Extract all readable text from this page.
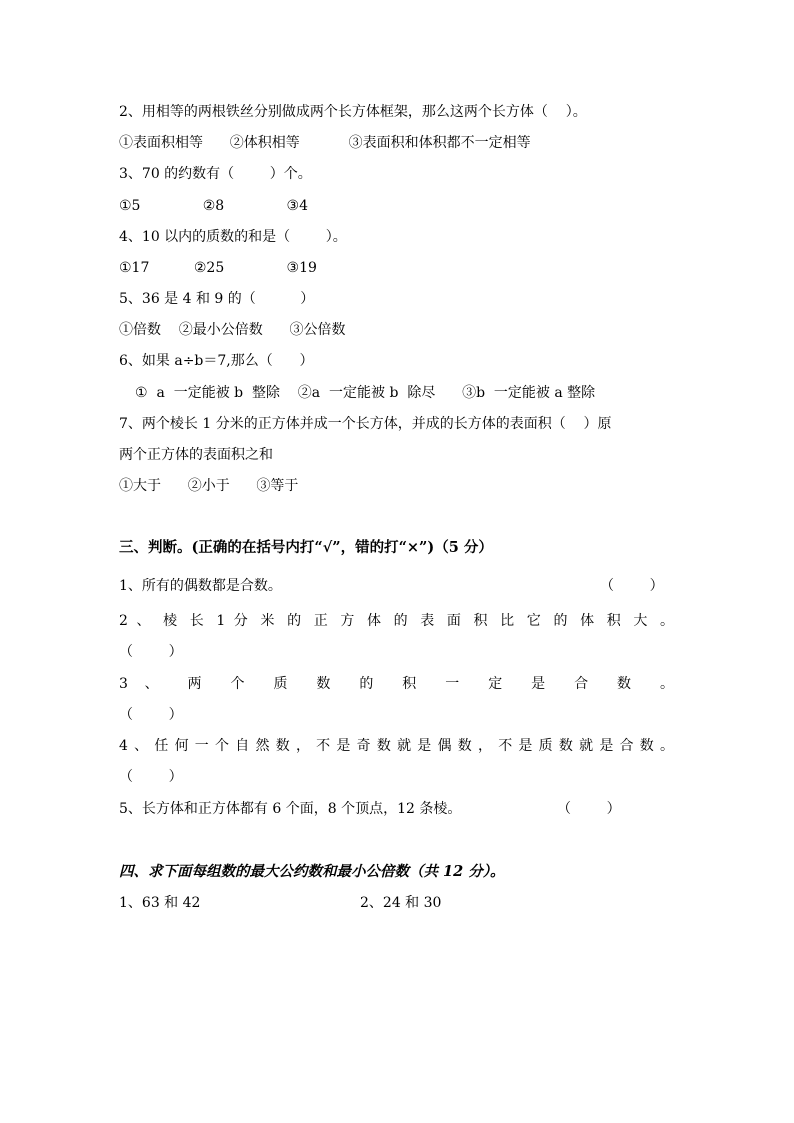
2、用相等的两根铁丝分别做成两个长方体框架，那么这两个长方体（    ）。

①表面积相等      ②体积相等           ③表面积和体积都不一定相等

3、70 的约数有（        ）个。

①5              ②8              ③4

4、10 以内的质数的和是（        ）。

①17          ②25              ③19

5、36 是 4 和 9 的（          ）

①倍数    ②最小公倍数      ③公倍数

6、如果 a÷b＝7,那么（      ）

①  a  一定能被 b  整除    ②a  一定能被 b  除尽      ③b  一定能被 a 整除

7、两个棱长 1 分米的正方体并成一个长方体，并成的长方体的表面积（    ）原

两个正方体的表面积之和

①大于      ②小于      ③等于

三、判断。(正确的在括号内打“√”，错的打“×”)（5 分）

1、所有的偶数都是合数。	（        ）

2 、 棱 长 1 分 米 的 正 方 体 的 表 面 积 比 它 的 体 积 大 。

（        ）

3 、 两 个 质 数 的 积 一 定 是 合 数 。

（        ）

4、任何一个自然数，不是奇数就是偶数，不是质数就是合数。

（        ）

5、长方体和正方体都有 6 个面，8 个顶点，12 条棱。	（        ）

四、求下面每组数的最大公约数和最小公倍数（共 12 分）。

1、63 和 42	2、24 和 30
